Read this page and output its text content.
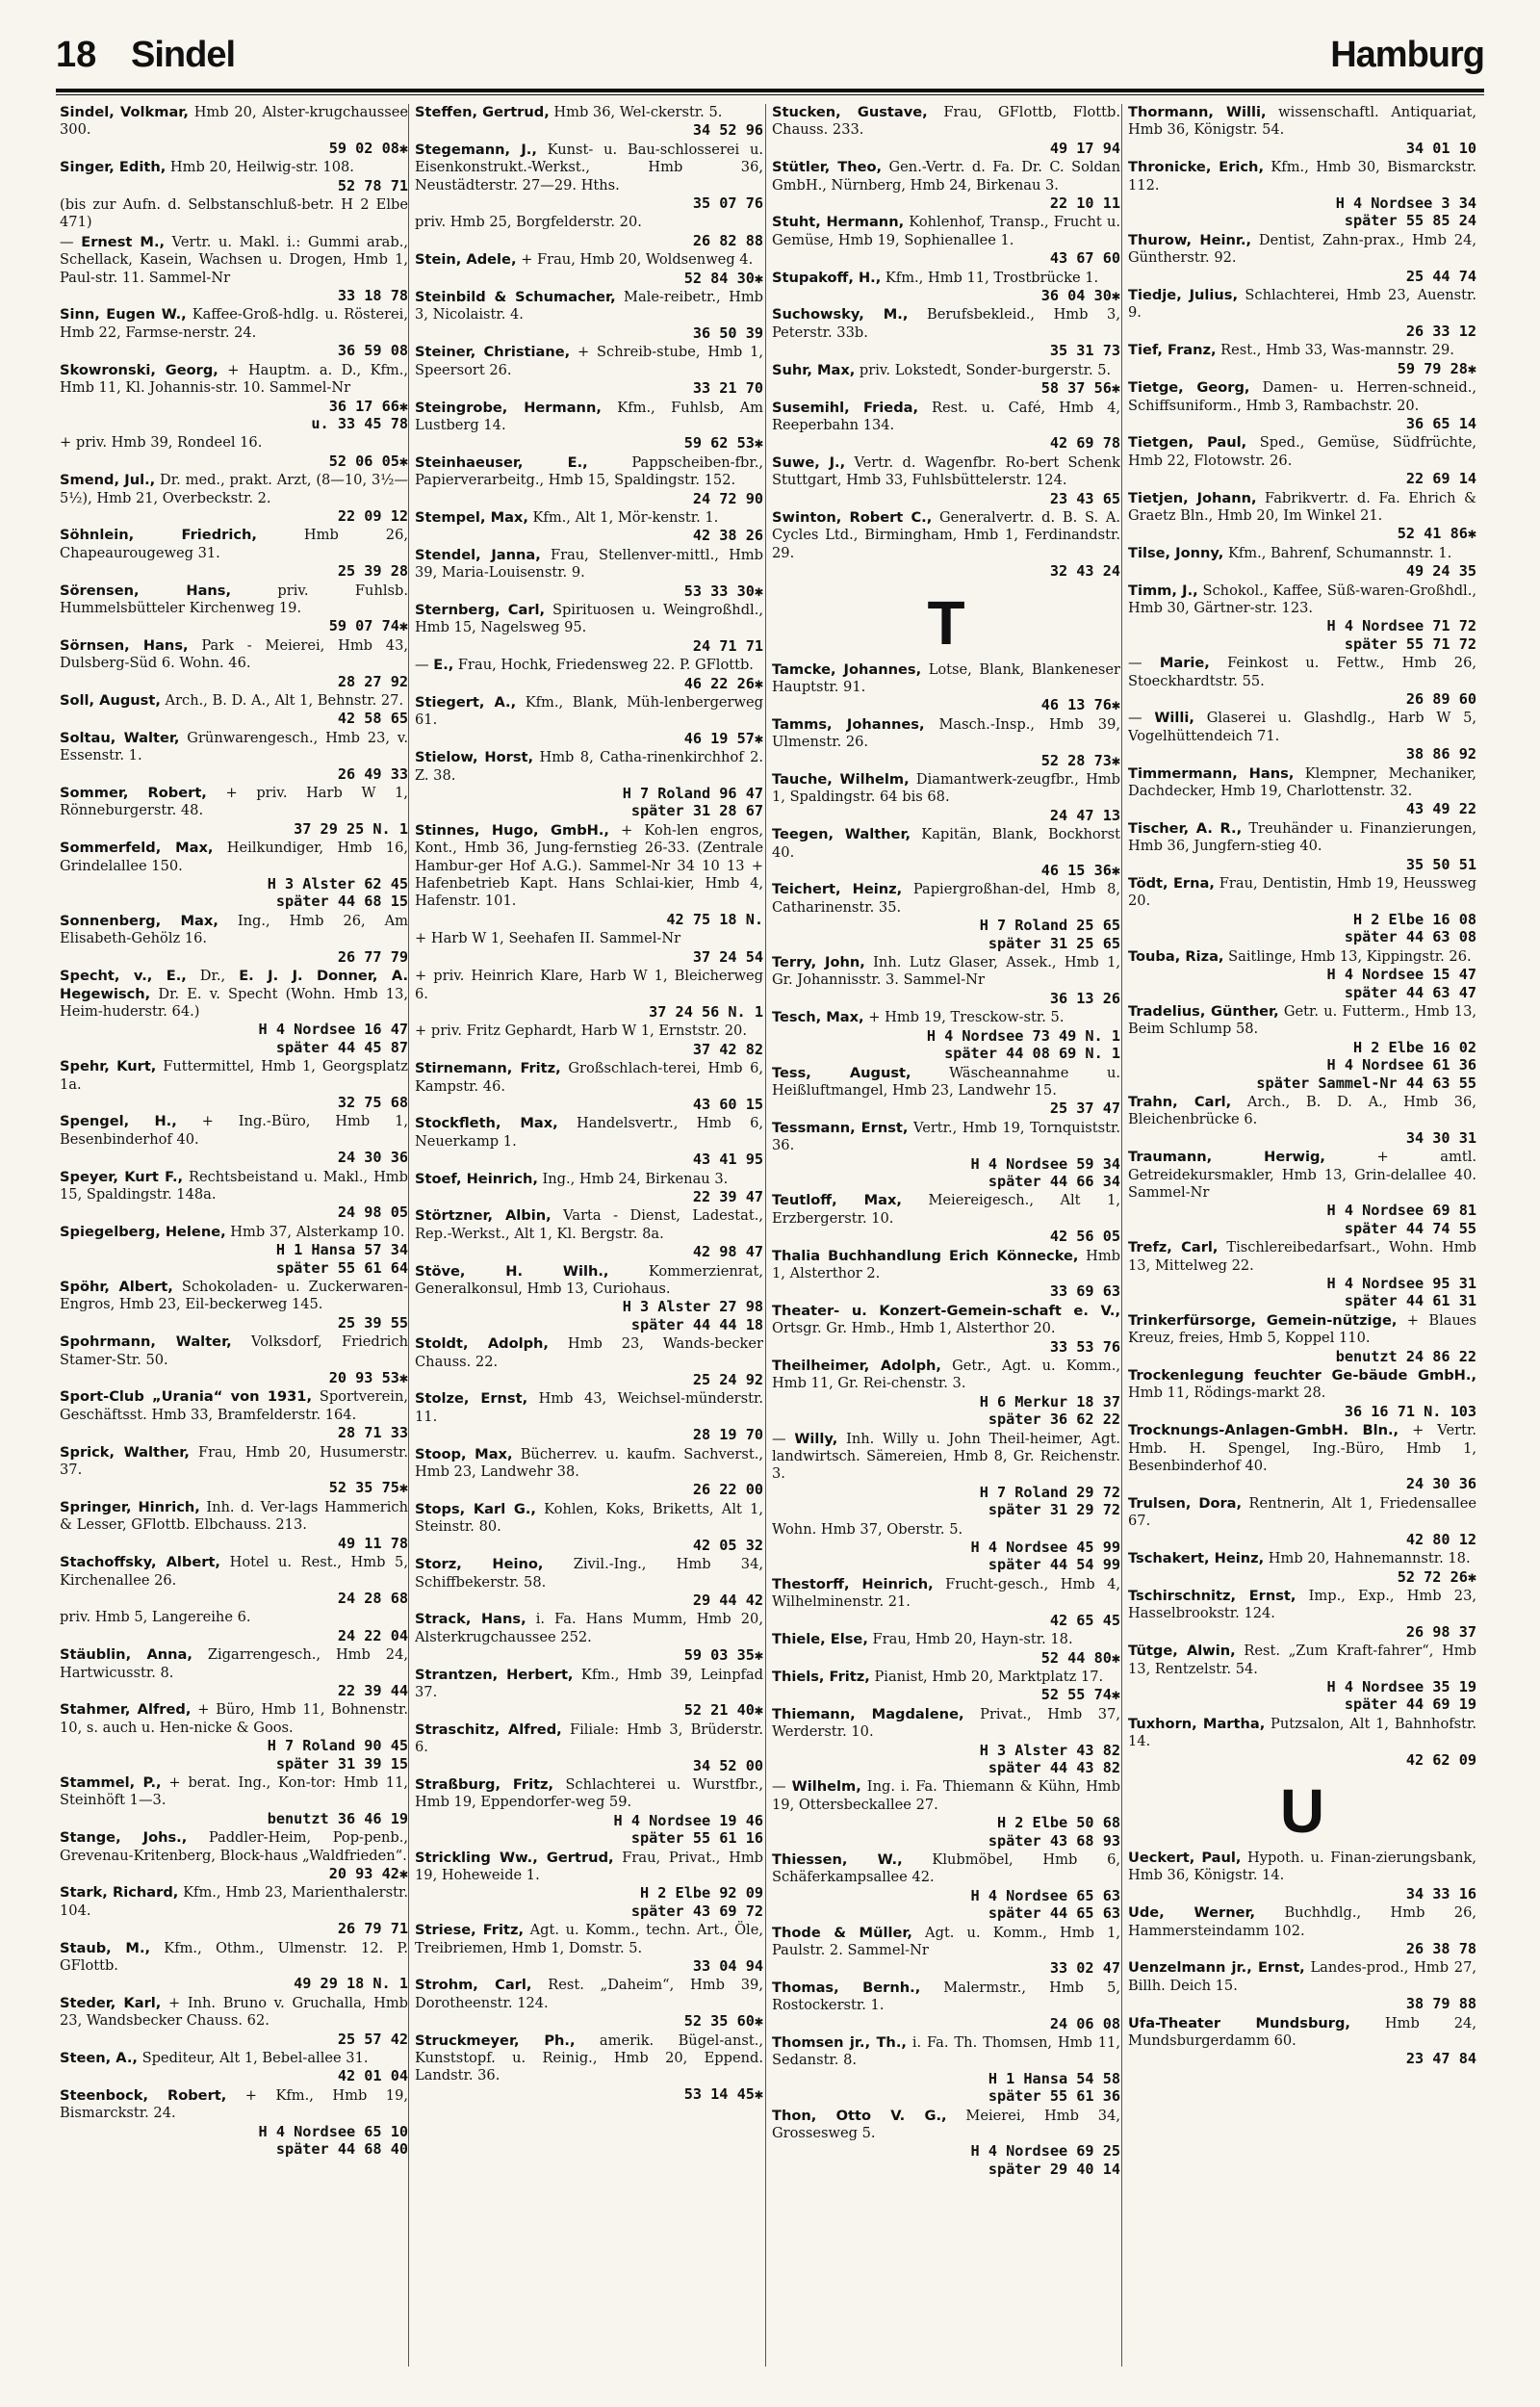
18 Sindel	Hamburg
Sindel, Volkmar, Hmb 20, Alster-krugchaussee 300.
59 02 08✱
Singer, Edith, Hmb 20, Heilwig-str. 108.
52 78 71
(bis zur Aufn. d. Selbstanschluß-betr. H 2 Elbe 471)
— Ernest M., Vertr. u. Makl. i.: Gummi arab., Schellack, Kasein, Wachsen u. Drogen, Hmb 1, Paul-str. 11. Sammel-Nr
33 18 78
Sinn, Eugen W., Kaffee-Groß-hdlg. u. Rösterei, Hmb 22, Farmse-nerstr. 24.
36 59 08
Skowronski, Georg, + Hauptm. a. D., Kfm., Hmb 11, Kl. Johannis-str. 10. Sammel-Nr
36 17 66✱
u. 33 45 78
+ priv. Hmb 39, Rondeel 16.
52 06 05✱
Smend, Jul., Dr. med., prakt. Arzt, (8—10, 3½—5½), Hmb 21, Overbeckstr. 2.
22 09 12
Söhnlein, Friedrich, Hmb 26, Chapeaurougeweg 31.
25 39 28
Sörensen, Hans, priv. Fuhlsb. Hummelsbütteler Kirchenweg 19.
59 07 74✱
Sörnsen, Hans, Park - Meierei, Hmb 43, Dulsberg-Süd 6. Wohn. 46.
28 27 92
Soll, August, Arch., B. D. A., Alt 1, Behnstr. 27.
42 58 65
Soltau, Walter, Grünwarengesch., Hmb 23, v. Essenstr. 1.
26 49 33
Sommer, Robert, + priv. Harb W 1, Rönneburgerstr. 48.
37 29 25 N. 1
Sommerfeld, Max, Heilkundiger, Hmb 16, Grindelallee 150.
H 3 Alster 62 45
später 44 68 15
Sonnenberg, Max, Ing., Hmb 26, Am Elisabeth-Gehölz 16.
26 77 79
Specht, v., E., Dr., E. J. J. Donner, A. Hegewisch, Dr. E. v. Specht (Wohn. Hmb 13, Heim-huderstr. 64.)
H 4 Nordsee 16 47
später 44 45 87
Spehr, Kurt, Futtermittel, Hmb 1, Georgsplatz 1a.
32 75 68
Spengel, H., + Ing.-Büro, Hmb 1, Besenbinderhof 40.
24 30 36
Speyer, Kurt F., Rechtsbeistand u. Makl., Hmb 15, Spaldingstr. 148a.
24 98 05
Spiegelberg, Helene, Hmb 37, Alsterkamp 10.
H 1 Hansa 57 34
später 55 61 64
Spöhr, Albert, Schokoladen- u. Zuckerwaren-Engros, Hmb 23, Eil-beckerweg 145.
25 39 55
Spohrmann, Walter, Volksdorf, Friedrich Stamer-Str. 50.
20 93 53✱
Sport-Club „Urania“ von 1931, Sportverein, Geschäftsst. Hmb 33, Bramfelderstr. 164.
28 71 33
Sprick, Walther, Frau, Hmb 20, Husumerstr. 37.
52 35 75✱
Springer, Hinrich, Inh. d. Ver-lags Hammerich & Lesser, GFlottb. Elbchauss. 213.
49 11 78
Stachoffsky, Albert, Hotel u. Rest., Hmb 5, Kirchenallee 26.
24 28 68
priv. Hmb 5, Langereihe 6.
24 22 04
Stäublin, Anna, Zigarrengesch., Hmb 24, Hartwicusstr. 8.
22 39 44
Stahmer, Alfred, + Büro, Hmb 11, Bohnenstr. 10, s. auch u. Hen-nicke & Goos.
H 7 Roland 90 45
später 31 39 15
Stammel, P., + berat. Ing., Kon-tor: Hmb 11, Steinhöft 1—3.
benutzt 36 46 19
Stange, Johs., Paddler-Heim, Pop-penb., Grevenau-Kritenberg, Block-haus „Waldfrieden“.
20 93 42✱
Stark, Richard, Kfm., Hmb 23, Marienthalerstr. 104.
26 79 71
Staub, M., Kfm., Othm., Ulmenstr. 12. P. GFlottb.
49 29 18 N. 1
Steder, Karl, + Inh. Bruno v. Gruchalla, Hmb 23, Wandsbecker Chauss. 62.
25 57 42
Steen, A., Spediteur, Alt 1, Bebel-allee 31.
42 01 04
Steenbock, Robert, + Kfm., Hmb 19, Bismarckstr. 24.
H 4 Nordsee 65 10
später 44 68 40
Steffen, Gertrud, Hmb 36, Wel-ckerstr. 5.
34 52 96
Stegemann, J., Kunst- u. Bau-schlosserei u. Eisenkonstrukt.-Werkst., Hmb 36, Neustädterstr. 27—29. Hths.
35 07 76
priv. Hmb 25, Borgfelderstr. 20.
26 82 88
Stein, Adele, + Frau, Hmb 20, Woldsenweg 4.
52 84 30✱
Steinbild & Schumacher, Male-reibetr., Hmb 3, Nicolaistr. 4.
36 50 39
Steiner, Christiane, + Schreib-stube, Hmb 1, Speersort 26.
33 21 70
Steingrobe, Hermann, Kfm., Fuhlsb, Am Lustberg 14.
59 62 53✱
Steinhaeuser, E., Pappscheiben-fbr., Papierverarbeitg., Hmb 15, Spaldingstr. 152.
24 72 90
Stempel, Max, Kfm., Alt 1, Mör-kenstr. 1.
42 38 26
Stendel, Janna, Frau, Stellenver-mittl., Hmb 39, Maria-Louisenstr. 9.
53 33 30✱
Sternberg, Carl, Spirituosen u. Weingroßhdl., Hmb 15, Nagelsweg 95.
24 71 71
— E., Frau, Hochk, Friedensweg 22. P. GFlottb.
46 22 26✱
Stiegert, A., Kfm., Blank, Müh-lenbergerweg 61.
46 19 57✱
Stielow, Horst, Hmb 8, Catha-rinenkirchhof 2. Z. 38.
H 7 Roland 96 47
später 31 28 67
Stinnes, Hugo, GmbH., + Koh-len engros, Kont., Hmb 36, Jung-fernstieg 26-33. (Zentrale Hambur-ger Hof A.G.). Sammel-Nr 34 10 13 + Hafenbetrieb Kapt. Hans Schlai-kier, Hmb 4, Hafenstr. 101.
42 75 18 N.
+ Harb W 1, Seehafen II. Sammel-Nr
37 24 54
+ priv. Heinrich Klare, Harb W 1, Bleicherweg 6.
37 24 56 N. 1
+ priv. Fritz Gephardt, Harb W 1, Ernststr. 20.
37 42 82
Stirnemann, Fritz, Großschlach-terei, Hmb 6, Kampstr. 46.
43 60 15
Stockfleth, Max, Handelsvertr., Hmb 6, Neuerkamp 1.
43 41 95
Stoef, Heinrich, Ing., Hmb 24, Birkenau 3.
22 39 47
Störtzner, Albin, Varta - Dienst, Ladestat., Rep.-Werkst., Alt 1, Kl. Bergstr. 8a.
42 98 47
Stöve, H. Wilh., Kommerzienrat, Generalkonsul, Hmb 13, Curiohaus.
H 3 Alster 27 98
später 44 44 18
Stoldt, Adolph, Hmb 23, Wands-becker Chauss. 22.
25 24 92
Stolze, Ernst, Hmb 43, Weichsel-münderstr. 11.
28 19 70
Stoop, Max, Bücherrev. u. kaufm. Sachverst., Hmb 23, Landwehr 38.
26 22 00
Stops, Karl G., Kohlen, Koks, Briketts, Alt 1, Steinstr. 80.
42 05 32
Storz, Heino, Zivil.-Ing., Hmb 34, Schiffbekerstr. 58.
29 44 42
Strack, Hans, i. Fa. Hans Mumm, Hmb 20, Alsterkrugchaussee 252.
59 03 35✱
Strantzen, Herbert, Kfm., Hmb 39, Leinpfad 37.
52 21 40✱
Straschitz, Alfred, Filiale: Hmb 3, Brüderstr. 6.
34 52 00
Straßburg, Fritz, Schlachterei u. Wurstfbr., Hmb 19, Eppendorfer-weg 59.
H 4 Nordsee 19 46
später 55 61 16
Strickling Ww., Gertrud, Frau, Privat., Hmb 19, Hoheweide 1.
H 2 Elbe 92 09
später 43 69 72
Striese, Fritz, Agt. u. Komm., techn. Art., Öle, Treibriemen, Hmb 1, Domstr. 5.
33 04 94
Strohm, Carl, Rest. „Daheim“, Hmb 39, Dorotheenstr. 124.
52 35 60✱
Struckmeyer, Ph., amerik. Bügel-anst., Kunststopf. u. Reinig., Hmb 20, Eppend. Landstr. 36.
53 14 45✱
Stucken, Gustave, Frau, GFlottb, Flottb. Chauss. 233.
49 17 94
Stütler, Theo, Gen.-Vertr. d. Fa. Dr. C. Soldan GmbH., Nürnberg, Hmb 24, Birkenau 3.
22 10 11
Stuht, Hermann, Kohlenhof, Transp., Frucht u. Gemüse, Hmb 19, Sophienallee 1.
43 67 60
Stupakoff, H., Kfm., Hmb 11, Trostbrücke 1.
36 04 30✱
Suchowsky, M., Berufsbekleid., Hmb 3, Peterstr. 33b.
35 31 73
Suhr, Max, priv. Lokstedt, Sonder-burgerstr. 5.
58 37 56✱
Susemihl, Frieda, Rest. u. Café, Hmb 4, Reeperbahn 134.
42 69 78
Suwe, J., Vertr. d. Wagenfbr. Ro-bert Schenk Stuttgart, Hmb 33, Fuhlsbüttelerstr. 124.
23 43 65
Swinton, Robert C., Generalvertr. d. B. S. A. Cycles Ltd., Birmingham, Hmb 1, Ferdinandstr. 29.
32 43 24
T
Tamcke, Johannes, Lotse, Blank, Blankeneser Hauptstr. 91.
46 13 76✱
Tamms, Johannes, Masch.-Insp., Hmb 39, Ulmenstr. 26.
52 28 73✱
Tauche, Wilhelm, Diamantwerk-zeugfbr., Hmb 1, Spaldingstr. 64 bis 68.
24 47 13
Teegen, Walther, Kapitän, Blank, Bockhorst 40.
46 15 36✱
Teichert, Heinz, Papiergroßhan-del, Hmb 8, Catharinenstr. 35.
H 7 Roland 25 65
später 31 25 65
Terry, John, Inh. Lutz Glaser, Assek., Hmb 1, Gr. Johannisstr. 3. Sammel-Nr
36 13 26
Tesch, Max, + Hmb 19, Tresckow-str. 5.
H 4 Nordsee 73 49 N. 1
später 44 08 69 N. 1
Tess, August, Wäscheannahme u. Heißluftmangel, Hmb 23, Landwehr 15.
25 37 47
Tessmann, Ernst, Vertr., Hmb 19, Tornquiststr. 36.
H 4 Nordsee 59 34
später 44 66 34
Teutloff, Max, Meiereigesch., Alt 1, Erzbergerstr. 10.
42 56 05
Thalia Buchhandlung Erich Könnecke, Hmb 1, Alsterthor 2.
33 69 63
Theater- u. Konzert-Gemein-schaft e. V., Ortsgr. Gr. Hmb., Hmb 1, Alsterthor 20.
33 53 76
Theilheimer, Adolph, Getr., Agt. u. Komm., Hmb 11, Gr. Rei-chenstr. 3.
H 6 Merkur 18 37
später 36 62 22
— Willy, Inh. Willy u. John Theil-heimer, Agt. landwirtsch. Sämereien, Hmb 8, Gr. Reichenstr. 3.
H 7 Roland 29 72
später 31 29 72
Wohn. Hmb 37, Oberstr. 5.
H 4 Nordsee 45 99
später 44 54 99
Thestorff, Heinrich, Frucht-gesch., Hmb 4, Wilhelminenstr. 21.
42 65 45
Thiele, Else, Frau, Hmb 20, Hayn-str. 18.
52 44 80✱
Thiels, Fritz, Pianist, Hmb 20, Marktplatz 17.
52 55 74✱
Thiemann, Magdalene, Privat., Hmb 37, Werderstr. 10.
H 3 Alster 43 82
später 44 43 82
— Wilhelm, Ing. i. Fa. Thiemann & Kühn, Hmb 19, Ottersbeckallee 27.
H 2 Elbe 50 68
später 43 68 93
Thiessen, W., Klubmöbel, Hmb 6, Schäferkampsallee 42.
H 4 Nordsee 65 63
später 44 65 63
Thode & Müller, Agt. u. Komm., Hmb 1, Paulstr. 2. Sammel-Nr
33 02 47
Thomas, Bernh., Malermstr., Hmb 5, Rostockerstr. 1.
24 06 08
Thomsen jr., Th., i. Fa. Th. Thomsen, Hmb 11, Sedanstr. 8.
H 1 Hansa 54 58
später 55 61 36
Thon, Otto V. G., Meierei, Hmb 34, Grossesweg 5.
H 4 Nordsee 69 25
später 29 40 14
Thormann, Willi, wissenschaftl. Antiquariat, Hmb 36, Königstr. 54.
34 01 10
Thronicke, Erich, Kfm., Hmb 30, Bismarckstr. 112.
H 4 Nordsee 3 34
später 55 85 24
Thurow, Heinr., Dentist, Zahn-prax., Hmb 24, Güntherstr. 92.
25 44 74
Tiedje, Julius, Schlachterei, Hmb 23, Auenstr. 9.
26 33 12
Tief, Franz, Rest., Hmb 33, Was-mannstr. 29.
59 79 28✱
Tietge, Georg, Damen- u. Herren-schneid., Schiffsuniform., Hmb 3, Rambachstr. 20.
36 65 14
Tietgen, Paul, Sped., Gemüse, Südfrüchte, Hmb 22, Flotowstr. 26.
22 69 14
Tietjen, Johann, Fabrikvertr. d. Fa. Ehrich & Graetz Bln., Hmb 20, Im Winkel 21.
52 41 86✱
Tilse, Jonny, Kfm., Bahrenf, Schumannstr. 1.
49 24 35
Timm, J., Schokol., Kaffee, Süß-waren-Großhdl., Hmb 30, Gärtner-str. 123.
H 4 Nordsee 71 72
später 55 71 72
— Marie, Feinkost u. Fettw., Hmb 26, Stoeckhardtstr. 55.
26 89 60
— Willi, Glaserei u. Glashdlg., Harb W 5, Vogelhüttendeich 71.
38 86 92
Timmermann, Hans, Klempner, Mechaniker, Dachdecker, Hmb 19, Charlottenstr. 32.
43 49 22
Tischer, A. R., Treuhänder u. Finanzierungen, Hmb 36, Jungfern-stieg 40.
35 50 51
Tödt, Erna, Frau, Dentistin, Hmb 19, Heussweg 20.
H 2 Elbe 16 08
später 44 63 08
Touba, Riza, Saitlinge, Hmb 13, Kippingstr. 26.
H 4 Nordsee 15 47
später 44 63 47
Tradelius, Günther, Getr. u. Futterm., Hmb 13, Beim Schlump 58.
H 2 Elbe 16 02
H 4 Nordsee 61 36
später Sammel-Nr 44 63 55
Trahn, Carl, Arch., B. D. A., Hmb 36, Bleichenbrücke 6.
34 30 31
Traumann, Herwig, + amtl. Getreidekursmakler, Hmb 13, Grin-delallee 40. Sammel-Nr
H 4 Nordsee 69 81
später 44 74 55
Trefz, Carl, Tischlereibedarfsart., Wohn. Hmb 13, Mittelweg 22.
H 4 Nordsee 95 31
später 44 61 31
Trinkerfürsorge, Gemein-nützige, + Blaues Kreuz, freies, Hmb 5, Koppel 110.
benutzt 24 86 22
Trockenlegung feuchter Ge-bäude GmbH., Hmb 11, Rödings-markt 28.
36 16 71 N. 103
Trocknungs-Anlagen-GmbH. Bln., + Vertr. Hmb. H. Spengel, Ing.-Büro, Hmb 1, Besenbinderhof 40.
24 30 36
Trulsen, Dora, Rentnerin, Alt 1, Friedensallee 67.
42 80 12
Tschakert, Heinz, Hmb 20, Hahnemannstr. 18.
52 72 26✱
Tschirschnitz, Ernst, Imp., Exp., Hmb 23, Hasselbrookstr. 124.
26 98 37
Tütge, Alwin, Rest. „Zum Kraft-fahrer“, Hmb 13, Rentzelstr. 54.
H 4 Nordsee 35 19
später 44 69 19
Tuxhorn, Martha, Putzsalon, Alt 1, Bahnhofstr. 14.
42 62 09
U
Ueckert, Paul, Hypoth. u. Finan-zierungsbank, Hmb 36, Königstr. 14.
34 33 16
Ude, Werner, Buchhdlg., Hmb 26, Hammersteindamm 102.
26 38 78
Uenzelmann jr., Ernst, Landes-prod., Hmb 27, Billh. Deich 15.
38 79 88
Ufa-Theater Mundsburg, Hmb 24, Mundsburgerdamm 60.
23 47 84
